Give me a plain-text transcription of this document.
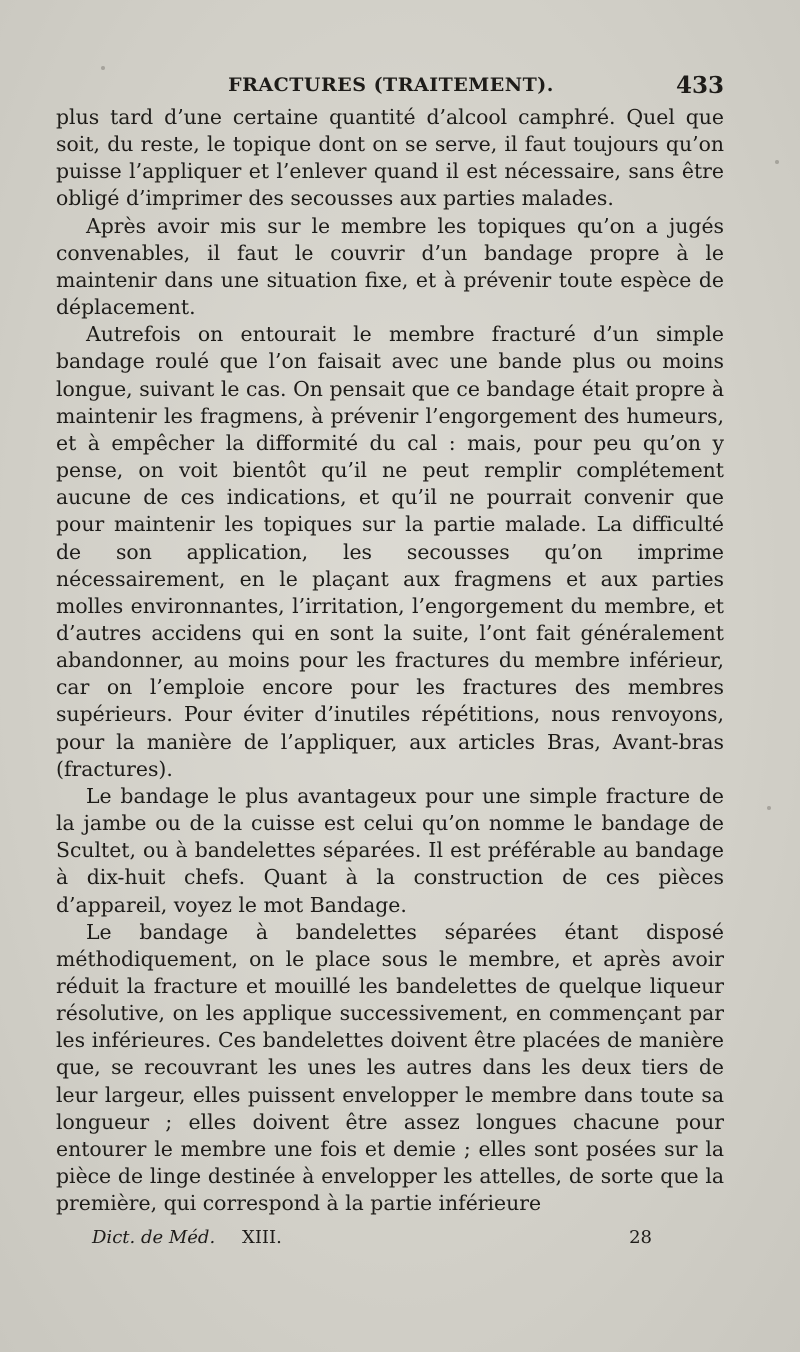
FRACTURES (TRAITEMENT).	433

plus tard d’une certaine quantité d’alcool camphré. Quel que soit, du reste, le topique dont on se serve, il faut toujours qu’on puisse l’appliquer et l’enlever quand il est nécessaire, sans être obligé d’imprimer des secousses aux parties malades.

Après avoir mis sur le membre les topiques qu’on a jugés convenables, il faut le couvrir d’un bandage propre à le maintenir dans une situation fixe, et à prévenir toute espèce de déplacement.

Autrefois on entourait le membre fracturé d’un simple bandage roulé que l’on faisait avec une bande plus ou moins longue, suivant le cas. On pensait que ce bandage était propre à maintenir les fragmens, à prévenir l’engorgement des humeurs, et à empêcher la difformité du cal : mais, pour peu qu’on y pense, on voit bientôt qu’il ne peut remplir complétement aucune de ces indications, et qu’il ne pourrait convenir que pour maintenir les topiques sur la partie malade. La difficulté de son application, les secousses qu’on imprime nécessairement, en le plaçant aux fragmens et aux parties molles environnantes, l’irritation, l’engorgement du membre, et d’autres accidens qui en sont la suite, l’ont fait généralement abandonner, au moins pour les fractures du membre inférieur, car on l’emploie encore pour les fractures des membres supérieurs. Pour éviter d’inutiles répétitions, nous renvoyons, pour la manière de l’appliquer, aux articles Bras, Avant-bras (fractures).

Le bandage le plus avantageux pour une simple fracture de la jambe ou de la cuisse est celui qu’on nomme le bandage de Scultet, ou à bandelettes séparées. Il est préférable au bandage à dix-huit chefs. Quant à la construction de ces pièces d’appareil, voyez le mot Bandage.

Le bandage à bandelettes séparées étant disposé méthodiquement, on le place sous le membre, et après avoir réduit la fracture et mouillé les bandelettes de quelque liqueur résolutive, on les applique successivement, en commençant par les inférieures. Ces bandelettes doivent être placées de manière que, se recouvrant les unes les autres dans les deux tiers de leur largeur, elles puissent envelopper le membre dans toute sa longueur ; elles doivent être assez longues chacune pour entourer le membre une fois et demie ; elles sont posées sur la pièce de linge destinée à envelopper les attelles, de sorte que la première, qui correspond à la partie inférieure

Dict. de Méd. XIII.	28
